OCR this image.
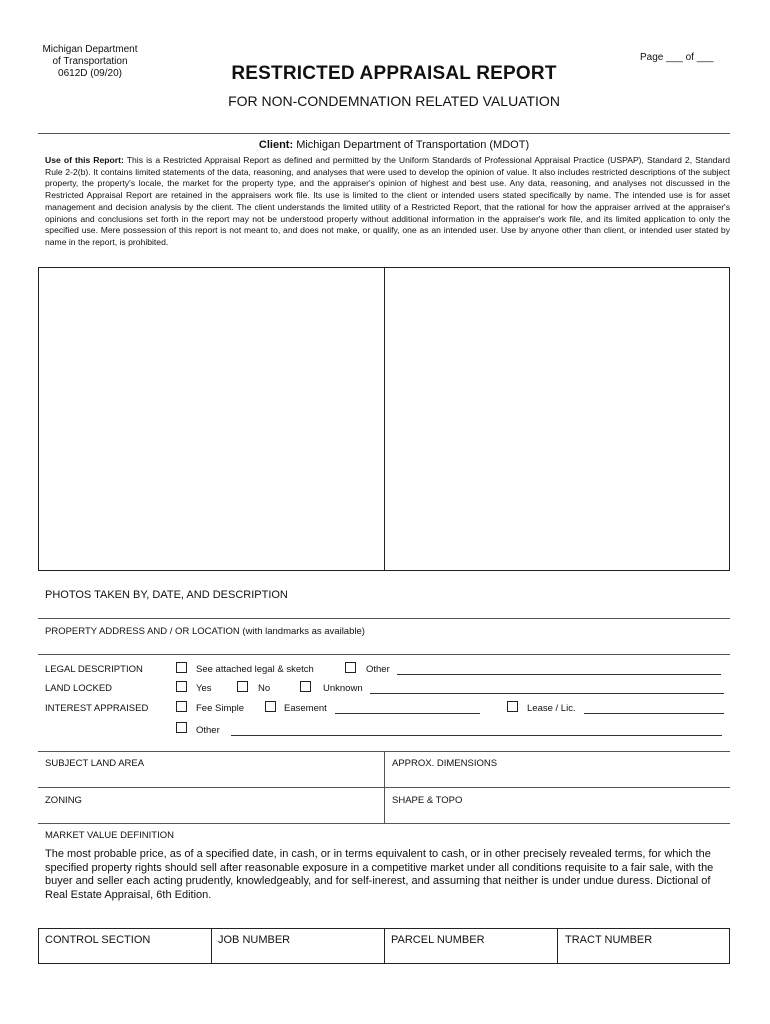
Michigan Department
of Transportation
0612D (09/20)
Page ___ of ___
RESTRICTED APPRAISAL REPORT
FOR NON-CONDEMNATION RELATED VALUATION
Client: Michigan Department of Transportation (MDOT)
Use of this Report: This is a Restricted Appraisal Report as defined and permitted by the Uniform Standards of Professional Appraisal Practice (USPAP), Standard 2, Standard Rule 2-2(b). It contains limited statements of the data, reasoning, and analyses that were used to develop the opinion of value. It also includes restricted descriptions of the subject property, the property's locale, the market for the property type, and the appraiser's opinion of highest and best use. Any data, reasoning, and analyses not discussed in the Restricted Appraisal Report are retained in the appraisers work file. Its use is limited to the client or intended users stated specifically by name. The intended use is for asset management and decision analysis by the client. The client understands the limited utility of a Restricted Report, that the rational for how the appraiser arrived at the appraiser's opinions and conclusions set forth in the report may not be understood properly without additional information in the appraiser's work file, and its limited application to only the specified use. Mere possession of this report is not meant to, and does not make, or qualify, one as an intended user. Use by anyone other than client, or intended user stated by name in the report, is prohibited.
PHOTOS TAKEN BY, DATE, AND DESCRIPTION
PROPERTY ADDRESS AND / OR LOCATION (with landmarks as available)
LEGAL DESCRIPTION	See attached legal & sketch	Other
LAND LOCKED	Yes	No	Unknown
INTEREST APPRAISED	Fee Simple	Easement	Lease / Lic.
Other
SUBJECT LAND AREA	APPROX. DIMENSIONS
ZONING	SHAPE & TOPO
MARKET VALUE DEFINITION
The most probable price, as of a specified date, in cash, or in terms equivalent to cash, or in other precisely revealed terms, for which the specified property rights should sell after reasonable exposure in a competitive market under all conditions requisite to a fair sale, with the buyer and seller each acting prudently, knowledgeably, and for self-inerest, and assuming that neither is under undue duress. Dictional of Real Estate Appraisal, 6th Edition.
CONTROL SECTION	JOB NUMBER	PARCEL NUMBER	TRACT NUMBER
